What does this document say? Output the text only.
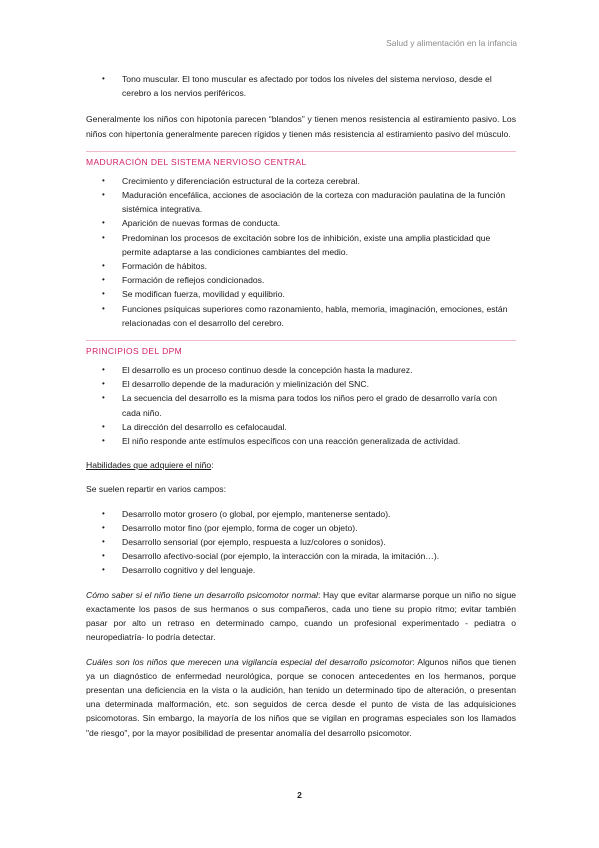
Salud y alimentación en la infancia
• Tono muscular. El tono muscular es afectado por todos los niveles del sistema nervioso, desde el cerebro a los nervios periféricos.

Generalmente los niños con hipotonía parecen “blandos” y tienen menos resistencia al estiramiento pasivo. Los niños con hipertonía generalmente parecen rígidos y tienen más resistencia al estiramiento pasivo del músculo.

MADURACIÓN DEL SISTEMA NERVIOSO CENTRAL
• Crecimiento y diferenciación estructural de la corteza cerebral.
• Maduración encefálica, acciones de asociación de la corteza con maduración paulatina de la función sistémica integrativa.
• Aparición de nuevas formas de conducta.
• Predominan los procesos de excitación sobre los de inhibición, existe una amplia plasticidad que permite adaptarse a las condiciones cambiantes del medio.
• Formación de hábitos.
• Formación de reflejos condicionados.
• Se modifican fuerza, movilidad y equilibrio.
• Funciones psíquicas superiores como razonamiento, habla, memoria, imaginación, emociones, están relacionadas con el desarrollo del cerebro.
PRINCIPIOS DEL DPM
• El desarrollo es un proceso continuo desde la concepción hasta la madurez.
• El desarrollo depende de la maduración y mielinización del SNC.
• La secuencia del desarrollo es la misma para todos los niños pero el grado de desarrollo varía con cada niño.
• La dirección del desarrollo es cefalocaudal.
• El niño responde ante estímulos específicos con una reacción generalizada de actividad.

Habilidades que adquiere el niño:

Se suelen repartir en varios campos:

• Desarrollo motor grosero (o global, por ejemplo, mantenerse sentado).
• Desarrollo motor fino (por ejemplo, forma de coger un objeto).
• Desarrollo sensorial (por ejemplo, respuesta a luz/colores o sonidos).
• Desarrollo afectivo-social (por ejemplo, la interacción con la mirada, la imitación…).
• Desarrollo cognitivo y del lenguaje.

Cómo saber si el niño tiene un desarrollo psicomotor normal: Hay que evitar alarmarse porque un niño no sigue exactamente los pasos de sus hermanos o sus compañeros, cada uno tiene su propio ritmo; evitar también pasar por alto un retraso en determinado campo, cuando un profesional experimentado - pediatra o neuropediatría- lo podría detectar.

Cuáles son los niños que merecen una vigilancia especial del desarrollo psicomotor: Algunos niños que tienen ya un diagnóstico de enfermedad neurológica, porque se conocen antecedentes en los hermanos, porque presentan una deficiencia en la vista o la audición, han tenido un determinado tipo de alteración, o presentan una determinada malformación, etc. son seguidos de cerca desde el punto de vista de las adquisiciones psicomotoras. Sin embargo, la mayoría de los niños que se vigilan en programas especiales son los llamados "de riesgo", por la mayor posibilidad de presentar anomalía del desarrollo psicomotor.

2
